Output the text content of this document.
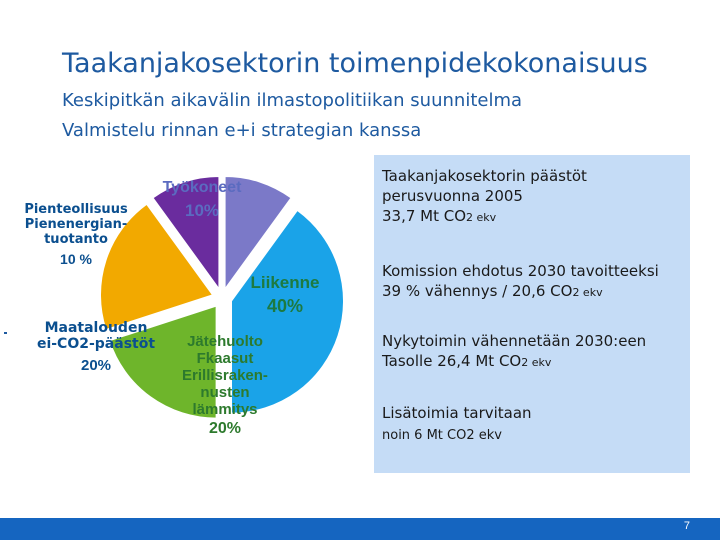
Taakanjakosektorin toimenpidekokonaisuus
Keskipitkän aikavälin ilmastopolitiikan suunnitelma
Valmistelu rinnan e+i strategian kanssa
Työkoneet
10%
Liikenne
40%
Jätehuolto
Fkaasut
Erillisraken-
nusten
lämmitys
20%
Maatalouden
ei-CO2-päästöt
20%
Pienteollisuus
Pienenergian-
tuotanto
10 %
Taakanjakosektorin päästöt
perusvuonna 2005
33,7 Mt CO2 ekv
Komission ehdotus 2030 tavoitteeksi
39 % vähennys / 20,6 CO2 ekv
Nykytoimin vähennetään 2030:een
Tasolle 26,4 Mt CO2 ekv
Lisätoimia tarvitaan
noin 6 Mt CO2 ekv
7
